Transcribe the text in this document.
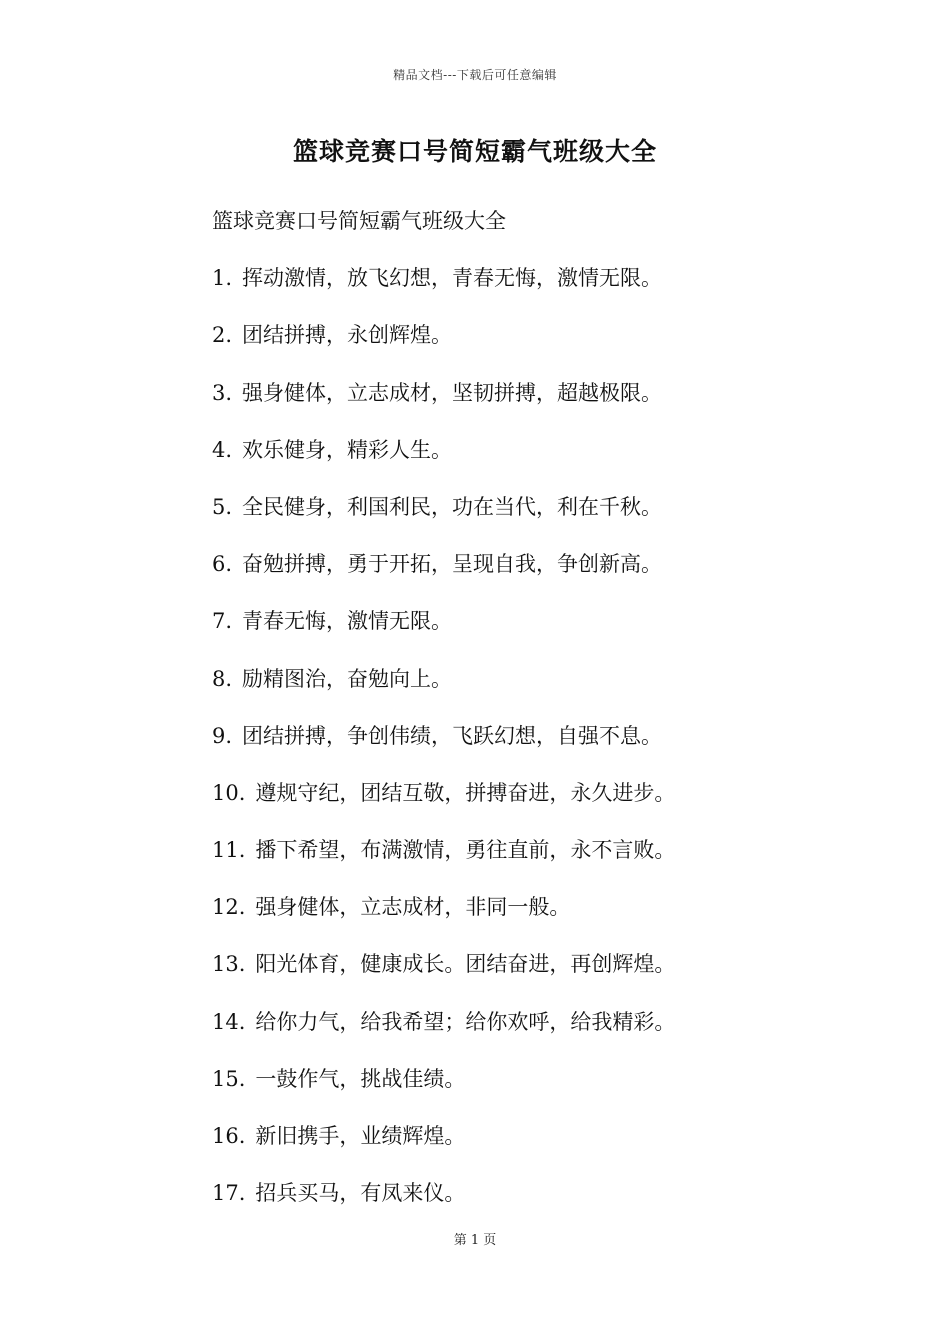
精品文档---下载后可任意编辑
篮球竞赛口号简短霸气班级大全
篮球竞赛口号简短霸气班级大全
1. 挥动激情，放飞幻想，青春无悔，激情无限。
2. 团结拼搏，永创辉煌。
3. 强身健体，立志成材，坚韧拼搏，超越极限。
4. 欢乐健身，精彩人生。
5. 全民健身，利国利民，功在当代，利在千秋。
6. 奋勉拼搏，勇于开拓，呈现自我，争创新高。
7. 青春无悔，激情无限。
8. 励精图治，奋勉向上。
9. 团结拼搏，争创伟绩，飞跃幻想，自强不息。
10. 遵规守纪，团结互敬，拼搏奋进，永久进步。
11. 播下希望，布满激情，勇往直前，永不言败。
12. 强身健体，立志成材，非同一般。
13. 阳光体育，健康成长。团结奋进，再创辉煌。
14. 给你力气，给我希望；给你欢呼，给我精彩。
15. 一鼓作气，挑战佳绩。
16. 新旧携手，业绩辉煌。
17. 招兵买马，有凤来仪。
第 1 页
